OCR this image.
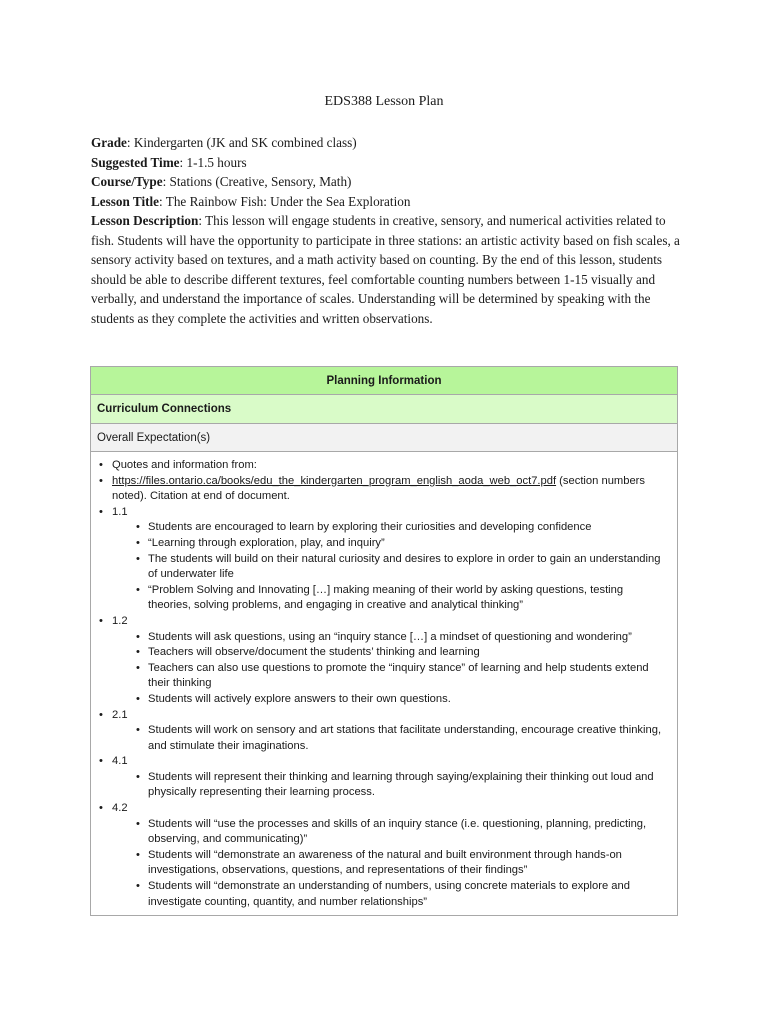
EDS388 Lesson Plan

Grade: Kindergarten (JK and SK combined class)

Suggested Time: 1-1.5 hours

Course/Type: Stations (Creative, Sensory, Math)

Lesson Title: The Rainbow Fish: Under the Sea Exploration

Lesson Description: This lesson will engage students in creative, sensory, and numerical activities related to fish. Students will have the opportunity to participate in three stations: an artistic activity based on fish scales, a sensory activity based on textures, and a math activity based on counting. By the end of this lesson, students should be able to describe different textures, feel comfortable counting numbers between 1-15 visually and verbally, and understand the importance of scales. Understanding will be determined by speaking with the students as they complete the activities and written observations.

Planning Information
Curriculum Connections
Overall Expectation(s)
• Quotes and information from:
• https://files.ontario.ca/books/edu_the_kindergarten_program_english_aoda_web_oct7.pdf (section numbers noted). Citation at end of document.
• 1.1
• Students are encouraged to learn by exploring their curiosities and developing confidence
• “Learning through exploration, play, and inquiry”
• The students will build on their natural curiosity and desires to explore in order to gain an understanding of underwater life
• “Problem Solving and Innovating […] making meaning of their world by asking questions, testing theories, solving problems, and engaging in creative and analytical thinking”
• 1.2
• Students will ask questions, using an “inquiry stance […] a mindset of questioning and wondering”
• Teachers will observe/document the students’ thinking and learning
• Teachers can also use questions to promote the “inquiry stance” of learning and help students extend their thinking
• Students will actively explore answers to their own questions.
• 2.1
• Students will work on sensory and art stations that facilitate understanding, encourage creative thinking, and stimulate their imaginations.
• 4.1
• Students will represent their thinking and learning through saying/explaining their thinking out loud and physically representing their learning process.
• 4.2
• Students will “use the processes and skills of an inquiry stance (i.e. questioning, planning, predicting, observing, and communicating)”
• Students will “demonstrate an awareness of the natural and built environment through hands-on investigations, observations, questions, and representations of their findings”
• Students will “demonstrate an understanding of numbers, using concrete materials to explore and investigate counting, quantity, and number relationships”
